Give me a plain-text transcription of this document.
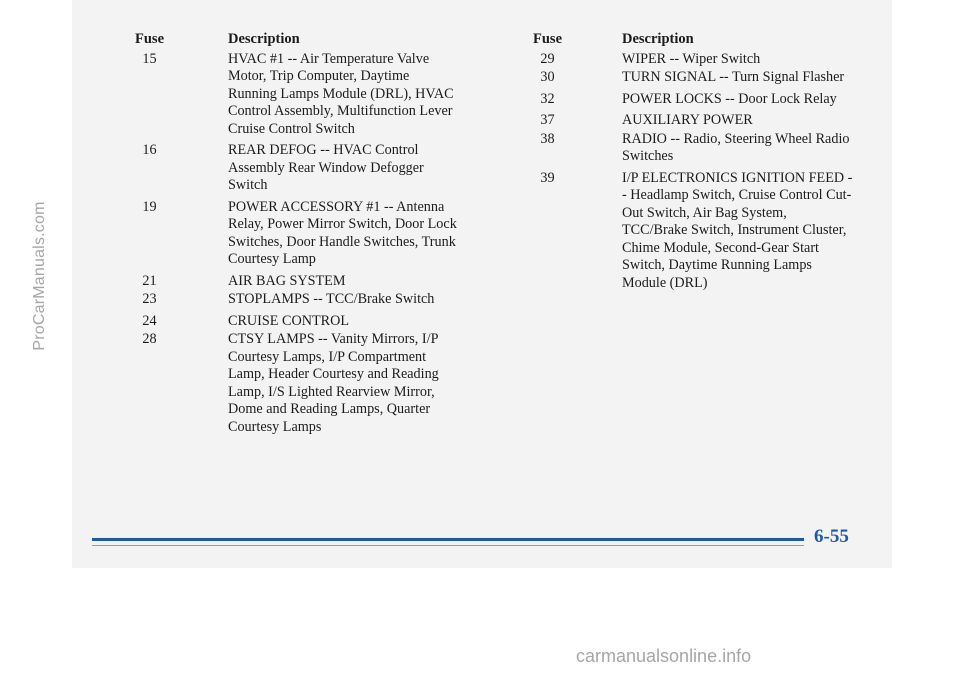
ProCarManuals.com
Fuse	Description
15	HVAC #1 -- Air Temperature Valve Motor, Trip Computer, Daytime Running Lamps Module (DRL), HVAC Control Assembly, Multifunction Lever Cruise Control Switch
16	REAR DEFOG -- HVAC Control Assembly Rear Window Defogger Switch
19	POWER ACCESSORY #1 -- Antenna Relay, Power Mirror Switch, Door Lock Switches, Door Handle Switches, Trunk Courtesy Lamp
21	AIR BAG SYSTEM
23	STOPLAMPS -- TCC/Brake Switch
24	CRUISE CONTROL
28	CTSY LAMPS -- Vanity Mirrors, I/P Courtesy Lamps, I/P Compartment Lamp, Header Courtesy and Reading Lamp, I/S Lighted Rearview Mirror, Dome and Reading Lamps, Quarter Courtesy Lamps
Fuse	Description
29	WIPER -- Wiper Switch
30	TURN SIGNAL -- Turn Signal Flasher
32	POWER LOCKS -- Door Lock Relay
37	AUXILIARY POWER
38	RADIO -- Radio, Steering Wheel Radio Switches
39	I/P ELECTRONICS IGNITION FEED -- Headlamp Switch, Cruise Control Cut-Out Switch, Air Bag System, TCC/Brake Switch, Instrument Cluster, Chime Module, Second-Gear Start Switch, Daytime Running Lamps Module (DRL)
6-55
carmanualsonline.info
